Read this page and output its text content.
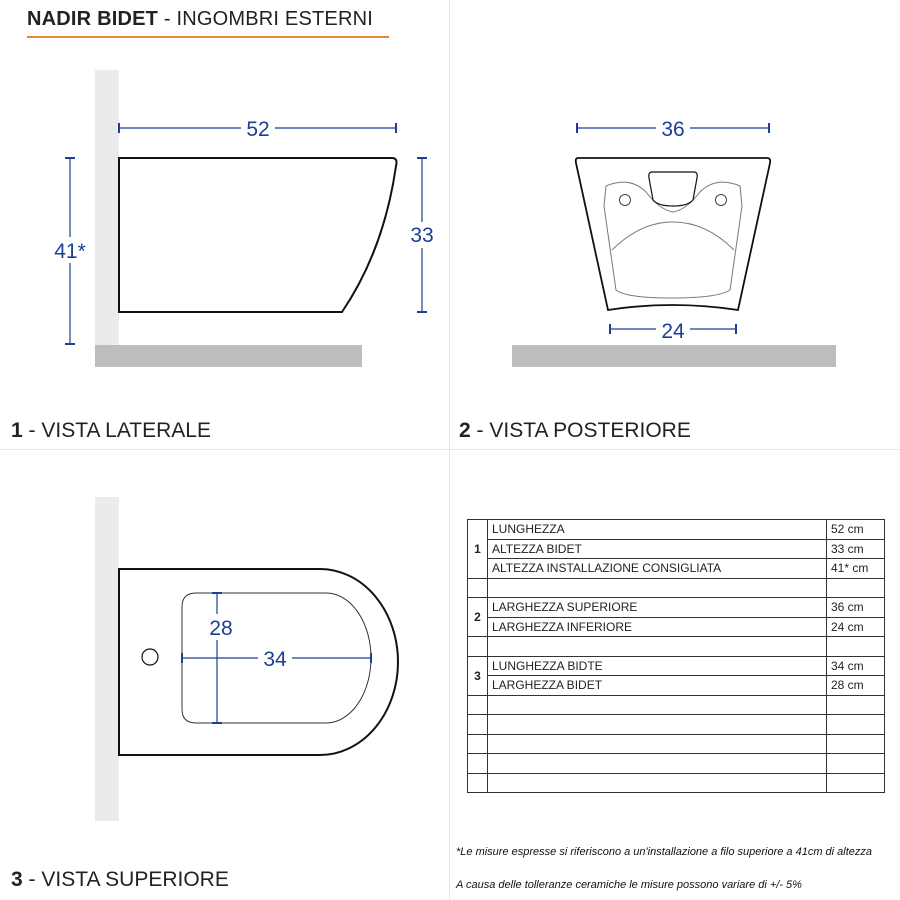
NADIR BIDET - INGOMBRI ESTERNI
52
41*
33
36
24
28
34
1 - VISTA LATERALE	2 - VISTA POSTERIORE
3 - VISTA SUPERIORE
1	LUNGHEZZA	52 cm
	ALTEZZA BIDET	33 cm
	ALTEZZA INSTALLAZIONE CONSIGLIATA	41* cm

2	LARGHEZZA SUPERIORE	36 cm
	LARGHEZZA INFERIORE	24 cm

3	LUNGHEZZA BIDTE	34 cm
	LARGHEZZA BIDET	28 cm

*Le misure espresse si riferiscono a un'installazione a filo superiore a 41cm di altezza
A causa delle tolleranze ceramiche le misure possono variare di +/- 5%
